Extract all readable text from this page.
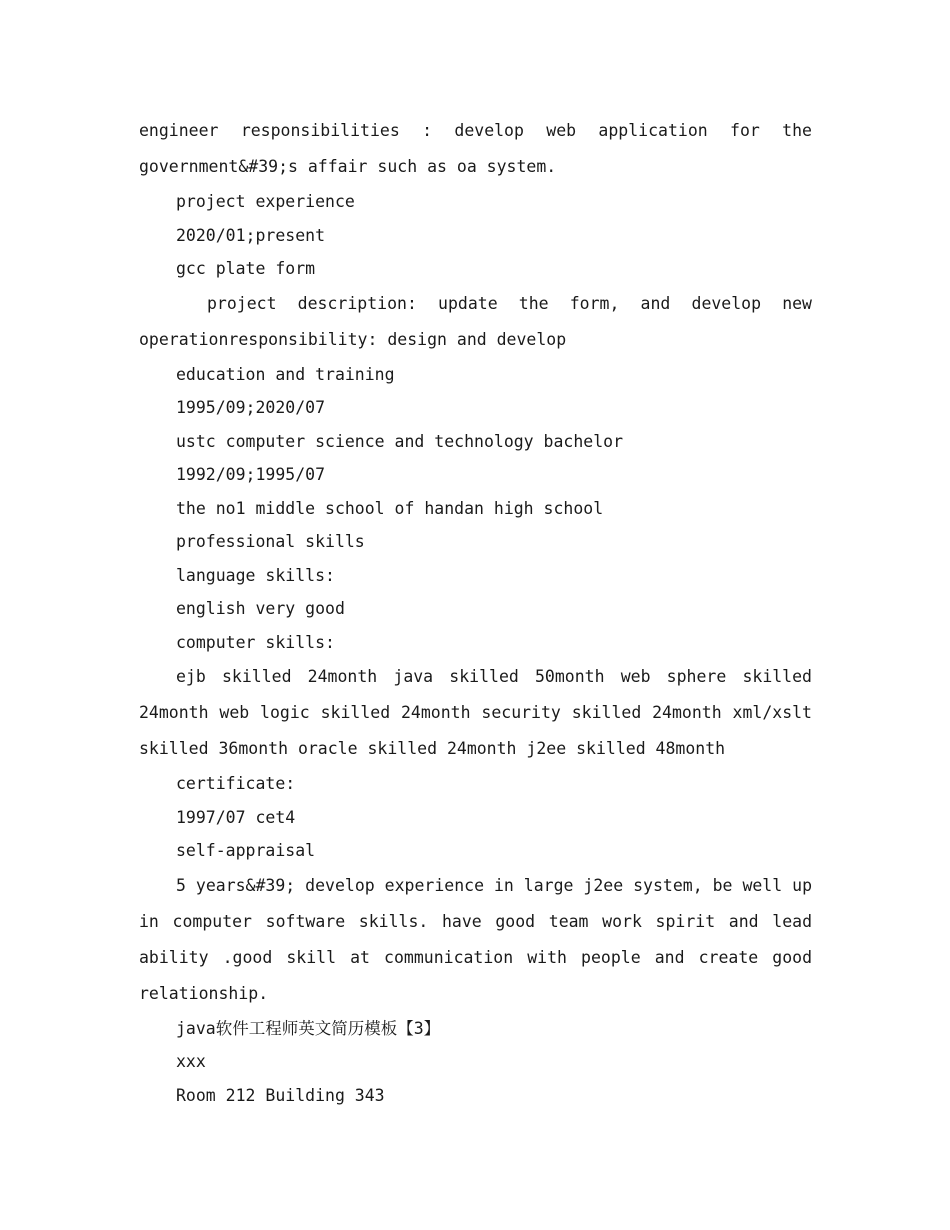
engineer responsibilities : develop web application for the government&#39;s affair such as oa system.

project experience

2020/01;present

gcc plate form

project description: update the form, and develop new operationresponsibility: design and develop

education and training

1995/09;2020/07

ustc computer science and technology bachelor

1992/09;1995/07

the no1 middle school of handan high school

professional skills

language skills:

english very good

computer skills:

ejb skilled 24month java skilled 50month web sphere skilled 24month web logic skilled 24month security skilled 24month xml/xslt skilled 36month oracle skilled 24month j2ee skilled 48month

certificate:

1997/07 cet4

self-appraisal

5 years&#39; develop experience in large j2ee system, be well up in computer software skills. have good team work spirit and lead ability .good skill at communication with people and create good relationship.

java软件工程师英文简历模板【3】

xxx

Room 212 Building 343
